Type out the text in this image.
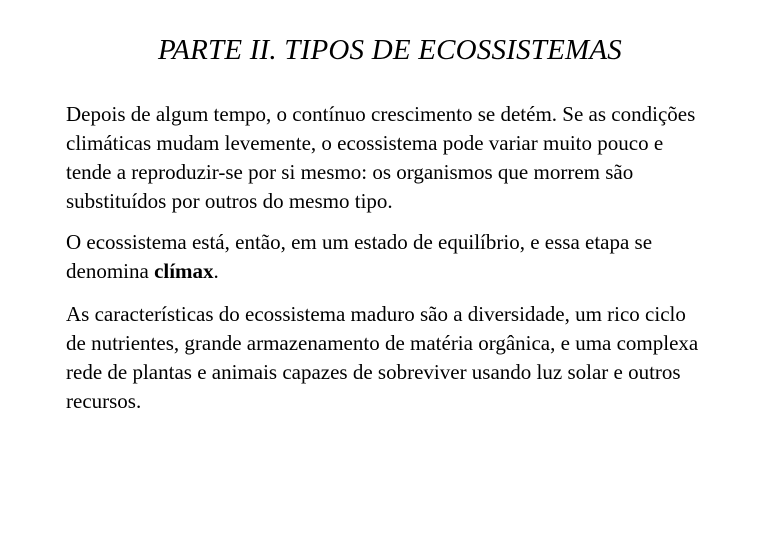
PARTE II. TIPOS DE ECOSSISTEMAS

Depois de algum tempo, o contínuo crescimento se detém. Se as condições climáticas mudam levemente, o ecossistema pode variar muito pouco e tende a reproduzir-se por si mesmo: os organismos que morrem são substituídos por outros do mesmo tipo.

O ecossistema está, então, em um estado de equilíbrio, e essa etapa se denomina clímax.

As características do ecossistema maduro são a diversidade, um rico ciclo de nutrientes, grande armazenamento de matéria orgânica, e uma complexa rede de plantas e animais capazes de sobreviver usando luz solar e outros recursos.
